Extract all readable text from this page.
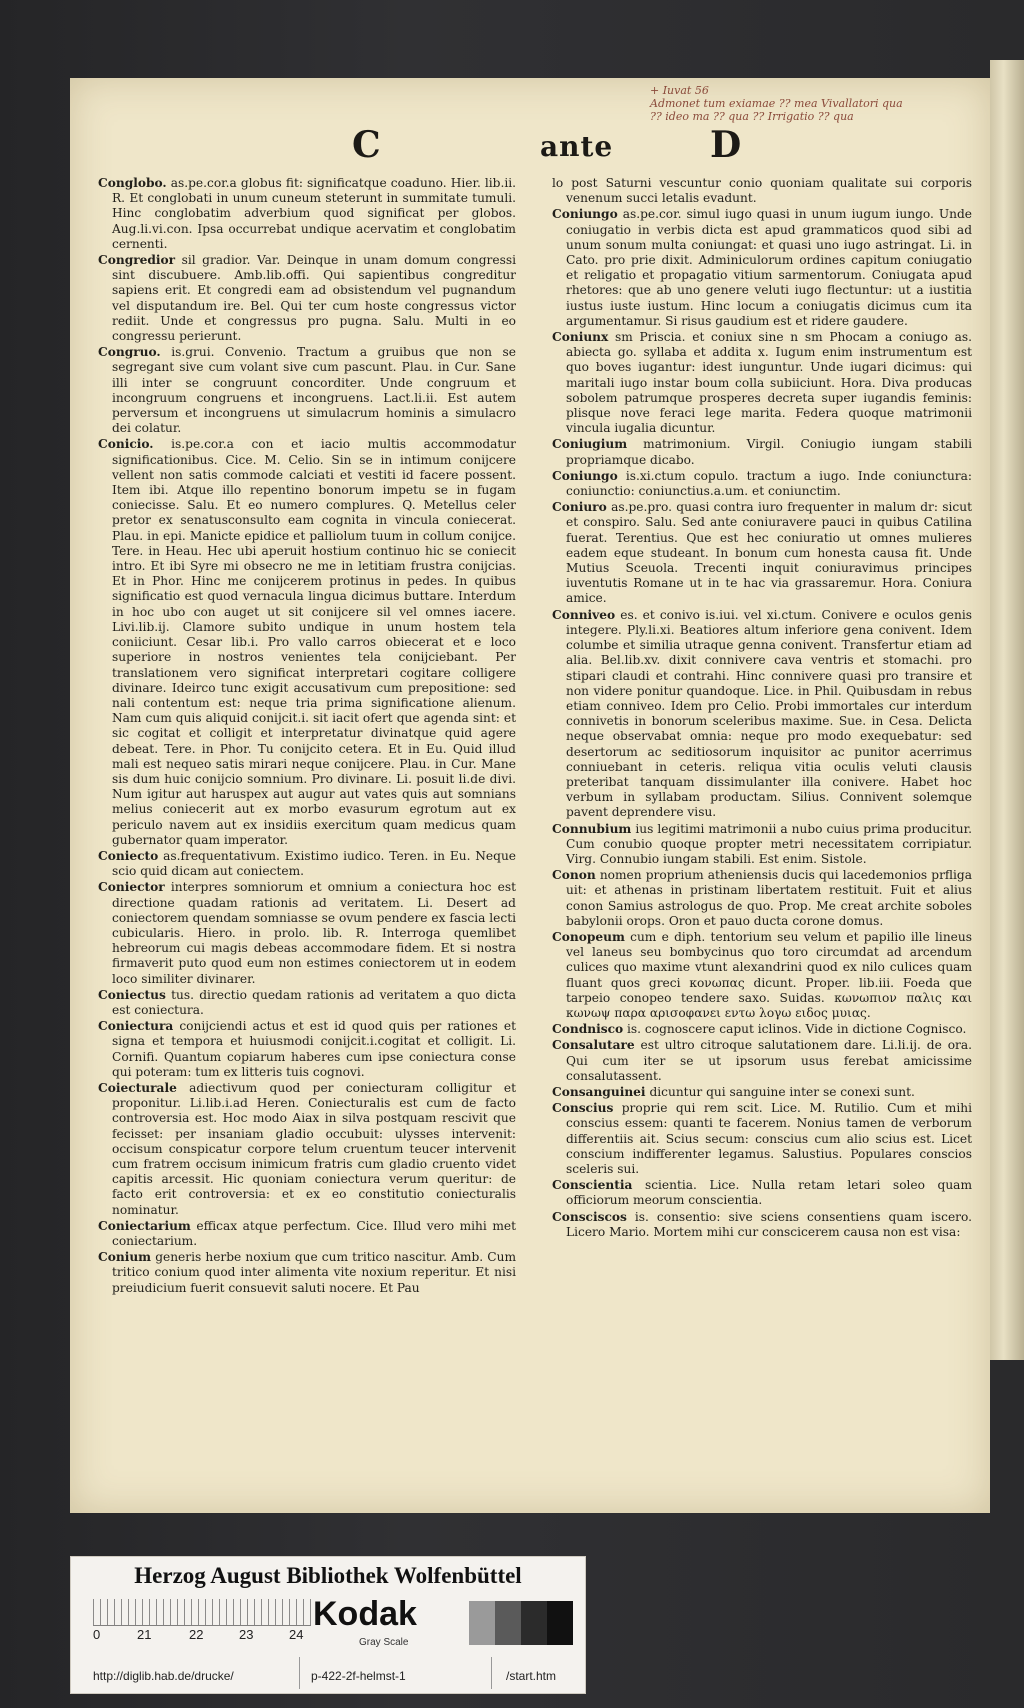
+ Iuvat 56
Admonet tum exiamae ?? mea Vivallatori qua
?? ideo ma ?? qua ?? Irrigatio ?? qua
C	ante	D
Conglobo. as.pe.cor.a globus fit: significatque coaduno. Hier. lib.ii. R. Et conglobati in unum cuneum steterunt in summitate tumuli. Hinc conglobatim adverbium quod significat per globos. Aug.li.vi.con. Ipsa occurrebat undique acervatim et conglobatim cernenti.
Congredior sil gradior. Var. Deinque in unam domum congressi sint discubuere. Amb.lib.offi. Qui sapientibus congreditur sapiens erit. Et congredi eam ad obsistendum vel pugnandum vel disputandum ire. Bel. Qui ter cum hoste congressus victor rediit. Unde et congressus pro pugna. Salu. Multi in eo congressu perierunt.
Congruo. is.grui. Convenio. Tractum a gruibus que non se segregant sive cum volant sive cum pascunt. Plau. in Cur. Sane illi inter se congruunt concorditer. Unde congruum et incongruum congruens et incongruens. Lact.li.ii. Est autem perversum et incongruens ut simulacrum hominis a simulacro dei colatur.
Conicio. is.pe.cor.a con et iacio multis accommodatur significationibus. Cice. M. Celio. Sin se in intimum conijcere vellent non satis commode calciati et vestiti id facere possent. Item ibi. Atque illo repentino bonorum impetu se in fugam coniecisse. Salu. Et eo numero complures. Q. Metellus celer pretor ex senatusconsulto eam cognita in vincula coniecerat. Plau. in epi. Manicte epidice et palliolum tuum in collum conijce. Tere. in Heau. Hec ubi aperuit hostium continuo hic se coniecit intro. Et ibi Syre mi obsecro ne me in letitiam frustra conijcias. Et in Phor. Hinc me conijcerem protinus in pedes. In quibus significatio est quod vernacula lingua dicimus buttare. Interdum in hoc ubo con auget ut sit conijcere sil vel omnes iacere. Livi.lib.ij. Clamore subito undique in unum hostem tela coniiciunt. Cesar lib.i. Pro vallo carros obiecerat et e loco superiore in nostros venientes tela conijciebant. Per translationem vero significat interpretari cogitare colligere divinare. Ideirco tunc exigit accusativum cum prepositione: sed nali contentum est: neque tria prima significatione alienum. Nam cum quis aliquid conijcit.i. sit iacit ofert que agenda sint: et sic cogitat et colligit et interpretatur divinatque quid agere debeat. Tere. in Phor. Tu conijcito cetera. Et in Eu. Quid illud mali est nequeo satis mirari neque conijcere. Plau. in Cur. Mane sis dum huic conijcio somnium. Pro divinare. Li. posuit li.de divi. Num igitur aut haruspex aut augur aut vates quis aut somnians melius coniecerit aut ex morbo evasurum egrotum aut ex periculo navem aut ex insidiis exercitum quam medicus quam gubernator quam imperator.
Coniecto as.frequentativum. Existimo iudico. Teren. in Eu. Neque scio quid dicam aut coniectem.
Coniector interpres somniorum et omnium a coniectura hoc est directione quadam rationis ad veritatem. Li. Desert ad coniectorem quendam somniasse se ovum pendere ex fascia lecti cubicularis. Hiero. in prolo. lib. R. Interroga quemlibet hebreorum cui magis debeas accommodare fidem. Et si nostra firmaverit puto quod eum non estimes coniectorem ut in eodem loco similiter divinarer.
Coniectus tus. directio quedam rationis ad veritatem a quo dicta est coniectura.
Coniectura conijciendi actus et est id quod quis per rationes et signa et tempora et huiusmodi conijcit.i.cogitat et colligit. Li. Cornifi. Quantum copiarum haberes cum ipse coniectura conse qui poteram: tum ex litteris tuis cognovi.
Coiecturale adiectivum quod per coniecturam colligitur et proponitur. Li.lib.i.ad Heren. Coniecturalis est cum de facto controversia est. Hoc modo Aiax in silva postquam rescivit que fecisset: per insaniam gladio occubuit: ulysses intervenit: occisum conspicatur corpore telum cruentum teucer intervenit cum fratrem occisum inimicum fratris cum gladio cruento videt capitis arcessit. Hic quoniam coniectura verum queritur: de facto erit controversia: et ex eo constitutio coniecturalis nominatur.
Coniectarium efficax atque perfectum. Cice. Illud vero mihi met coniectarium.
Conium generis herbe noxium que cum tritico nascitur. Amb. Cum tritico conium quod inter alimenta vite noxium reperitur. Et nisi preiudicium fuerit consuevit saluti nocere. Et Pau
lo post Saturni vescuntur conio quoniam qualitate sui corporis venenum succi letalis evadunt.
Coniungo as.pe.cor. simul iugo quasi in unum iugum iungo. Unde coniugatio in verbis dicta est apud grammaticos quod sibi ad unum sonum multa coniungat: et quasi uno iugo astringat. Li. in Cato. pro prie dixit. Adminiculorum ordines capitum coniugatio et religatio et propagatio vitium sarmentorum. Coniugata apud rhetores: que ab uno genere veluti iugo flectuntur: ut a iustitia iustus iuste iustum. Hinc locum a coniugatis dicimus cum ita argumentamur. Si risus gaudium est et ridere gaudere.
Coniunx sm Priscia. et coniux sine n sm Phocam a coniugo as. abiecta go. syllaba et addita x. Iugum enim instrumentum est quo boves iugantur: idest iunguntur. Unde iugari dicimus: qui maritali iugo instar boum colla subiiciunt. Hora. Diva producas sobolem patrumque prosperes decreta super iugandis feminis: plisque nove feraci lege marita. Federa quoque matrimonii vincula iugalia dicuntur.
Coniugium matrimonium. Virgil. Coniugio iungam stabili propriamque dicabo.
Coniungo is.xi.ctum copulo. tractum a iugo. Inde coniunctura: coniunctio: coniunctius.a.um. et coniunctim.
Coniuro as.pe.pro. quasi contra iuro frequenter in malum dr: sicut et conspiro. Salu. Sed ante coniuravere pauci in quibus Catilina fuerat. Terentius. Que est hec coniuratio ut omnes mulieres eadem eque studeant. In bonum cum honesta causa fit. Unde Mutius Sceuola. Trecenti inquit coniuravimus principes iuventutis Romane ut in te hac via grassaremur. Hora. Coniura amice.
Conniveo es. et conivo is.iui. vel xi.ctum. Conivere e oculos genis integere. Ply.li.xi. Beatiores altum inferiore gena conivent. Idem columbe et similia utraque genna conivent. Transfertur etiam ad alia. Bel.lib.xv. dixit connivere cava ventris et stomachi. pro stipari claudi et contrahi. Hinc connivere quasi pro transire et non videre ponitur quandoque. Lice. in Phil. Quibusdam in rebus etiam conniveo. Idem pro Celio. Probi immortales cur interdum connivetis in bonorum sceleribus maxime. Sue. in Cesa. Delicta neque observabat omnia: neque pro modo exequebatur: sed desertorum ac seditiosorum inquisitor ac punitor acerrimus conniuebant in ceteris. reliqua vitia oculis veluti clausis preteribat tanquam dissimulanter illa conivere. Habet hoc verbum in syllabam productam. Silius. Connivent solemque pavent deprendere visu.
Connubium ius legitimi matrimonii a nubo cuius prima producitur. Cum conubio quoque propter metri necessitatem corripiatur. Virg. Connubio iungam stabili. Est enim. Sistole.
Conon nomen proprium atheniensis ducis qui lacedemonios prfliga uit: et athenas in pristinam libertatem restituit. Fuit et alius conon Samius astrologus de quo. Prop. Me creat archite soboles babylonii orops. Oron et pauo ducta corone domus.
Conopeum cum e diph. tentorium seu velum et papilio ille lineus vel laneus seu bombycinus quo toro circumdat ad arcendum culices quo maxime vtunt alexandrini quod ex nilo culices quam fluant quos greci κονωπας dicunt. Proper. lib.iii. Foeda que tarpeio conopeo tendere saxo. Suidas. κωνωπιον παλις και κωνωψ παρα αρισοφανει εντω λογω ειδος μυιας.
Condnisco is. cognoscere caput iclinos. Vide in dictione Cognisco.
Consalutare est ultro citroque salutationem dare. Li.li.ij. de ora. Qui cum iter se ut ipsorum usus ferebat amicissime consalutassent.
Consanguinei dicuntur qui sanguine inter se conexi sunt.
Conscius proprie qui rem scit. Lice. M. Rutilio. Cum et mihi conscius essem: quanti te facerem. Nonius tamen de verborum differentiis ait. Scius secum: conscius cum alio scius est. Licet conscium indifferenter legamus. Salustius. Populares conscios sceleris sui.
Conscientia scientia. Lice. Nulla retam letari soleo quam officiorum meorum conscientia.
Consciscos is. consentio: sive sciens consentiens quam iscero. Licero Mario. Mortem mihi cur conscicerem causa non est visa:
Herzog August Bibliothek Wolfenbüttel
0	21	22	23	24
Kodak
Gray Scale
http://diglib.hab.de/drucke/	p-422-2f-helmst-1	/start.htm
